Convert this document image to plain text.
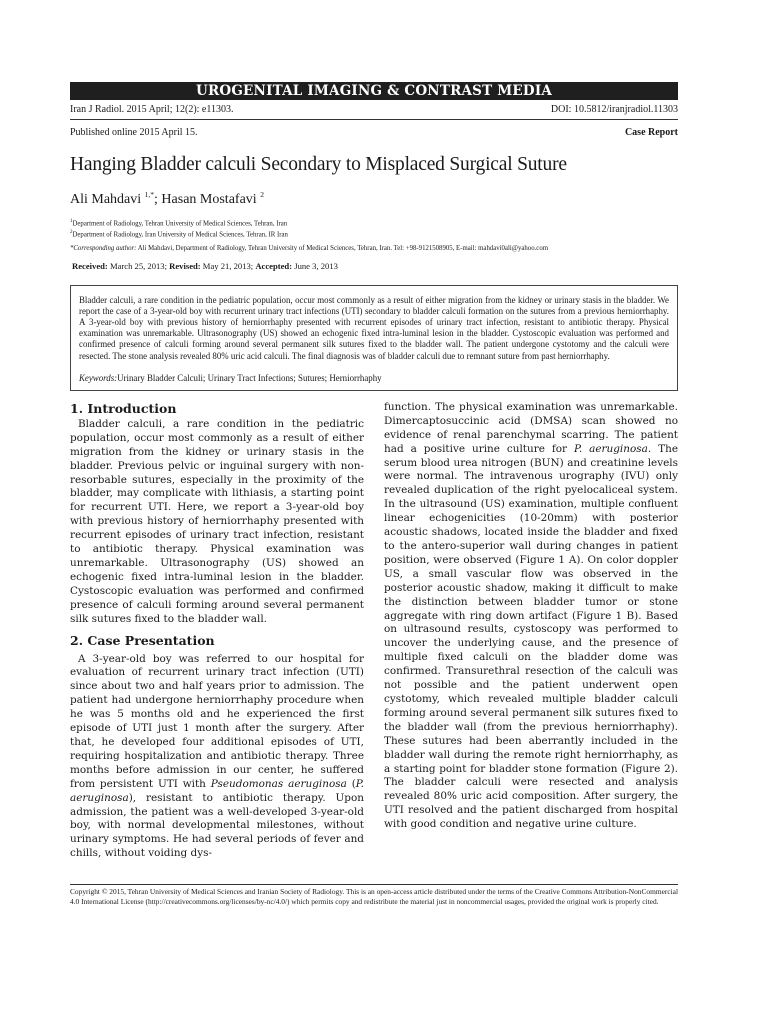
UROGENITAL IMAGING & CONTRAST MEDIA
Iran J Radiol. 2015 April; 12(2): e11303.	DOI: 10.5812/iranjradiol.11303
Published online 2015 April 15.	Case Report
Hanging Bladder calculi Secondary to Misplaced Surgical Suture
Ali Mahdavi $^{1,*}$; Hasan Mostafavi $^2$
$^1$Department of Radiology, Tehran University of Medical Sciences, Tehran, Iran
$^2$Department of Radiology, Iran University of Medical Sciences, Tehran, IR Iran
*Corresponding author: Ali Mahdavi, Department of Radiology, Tehran University of Medical Sciences, Tehran, Iran. Tel: +98-9121508905, E-mail: mahdavi0ali@yahoo.com
Received: March 25, 2013; Revised: May 21, 2013; Accepted: June 3, 2013
Bladder calculi, a rare condition in the pediatric population, occur most commonly as a result of either migration from the kidney or urinary stasis in the bladder. We report the case of a 3-year-old boy with recurrent urinary tract infections (UTI) secondary to bladder calculi formation on the sutures from a previous herniorrhaphy. A 3-year-old boy with previous history of herniorrhaphy presented with recurrent episodes of urinary tract infection, resistant to antibiotic therapy. Physical examination was unremarkable. Ultrasonography (US) showed an echogenic fixed intra-luminal lesion in the bladder. Cystoscopic evaluation was performed and confirmed presence of calculi forming around several permanent silk sutures fixed to the bladder wall. The patient undergone cystotomy and the calculi were resected. The stone analysis revealed 80% uric acid calculi. The final diagnosis was of bladder calculi due to remnant suture from past herniorrhaphy.
Keywords:Urinary Bladder Calculi; Urinary Tract Infections; Sutures; Herniorrhaphy
1. Introduction

Bladder calculi, a rare condition in the pediatric population, occur most commonly as a result of either migration from the kidney or urinary stasis in the bladder. Previous pelvic or inguinal surgery with non-resorbable sutures, especially in the proximity of the bladder, may complicate with lithiasis, a starting point for recurrent UTI. Here, we report a 3-year-old boy with previous history of herniorrhaphy presented with recurrent episodes of urinary tract infection, resistant to antibiotic therapy. Physical examination was unremarkable. Ultrasonography (US) showed an echogenic fixed intra-luminal lesion in the bladder. Cystoscopic evaluation was performed and confirmed presence of calculi forming around several permanent silk sutures fixed to the bladder wall.

2. Case Presentation

A 3-year-old boy was referred to our hospital for evaluation of recurrent urinary tract infection (UTI) since about two and half years prior to admission. The patient had undergone herniorrhaphy procedure when he was 5 months old and he experienced the first episode of UTI just 1 month after the surgery. After that, he developed four additional episodes of UTI, requiring hospitalization and antibiotic therapy. Three months before admission in our center, he suffered from persistent UTI with Pseudomonas aeruginosa (P. aeruginosa), resistant to antibiotic therapy. Upon admission, the patient was a well-developed 3-year-old boy, with normal developmental milestones, without urinary symptoms. He had several periods of fever and chills, without voiding dys-

function. The physical examination was unremarkable. Dimercaptosuccinic acid (DMSA) scan showed no evidence of renal parenchymal scarring. The patient had a positive urine culture for P. aeruginosa. The serum blood urea nitrogen (BUN) and creatinine levels were normal. The intravenous urography (IVU) only revealed duplication of the right pyelocaliceal system. In the ultrasound (US) examination, multiple confluent linear echogenicities (10-20mm) with posterior acoustic shadows, located inside the bladder and fixed to the antero-superior wall during changes in patient position, were observed (Figure 1 A). On color doppler US, a small vascular flow was observed in the posterior acoustic shadow, making it difficult to make the distinction between bladder tumor or stone aggregate with ring down artifact (Figure 1 B). Based on ultrasound results, cystoscopy was performed to uncover the underlying cause, and the presence of multiple fixed calculi on the bladder dome was confirmed. Transurethral resection of the calculi was not possible and the patient underwent open cystotomy, which revealed multiple bladder calculi forming around several permanent silk sutures fixed to the bladder wall (from the previous herniorrhaphy). These sutures had been aberrantly included in the bladder wall during the remote right herniorrhaphy, as a starting point for bladder stone formation (Figure 2). The bladder calculi were resected and analysis revealed 80% uric acid composition. After surgery, the UTI resolved and the patient discharged from hospital with good condition and negative urine culture.

Copyright © 2015, Tehran University of Medical Sciences and Iranian Society of Radiology. This is an open-access article distributed under the terms of the Creative Commons Attribution-NonCommercial 4.0 International License (http://creativecommons.org/licenses/by-nc/4.0/) which permits copy and redistribute the material just in noncommercial usages, provided the original work is properly cited.
